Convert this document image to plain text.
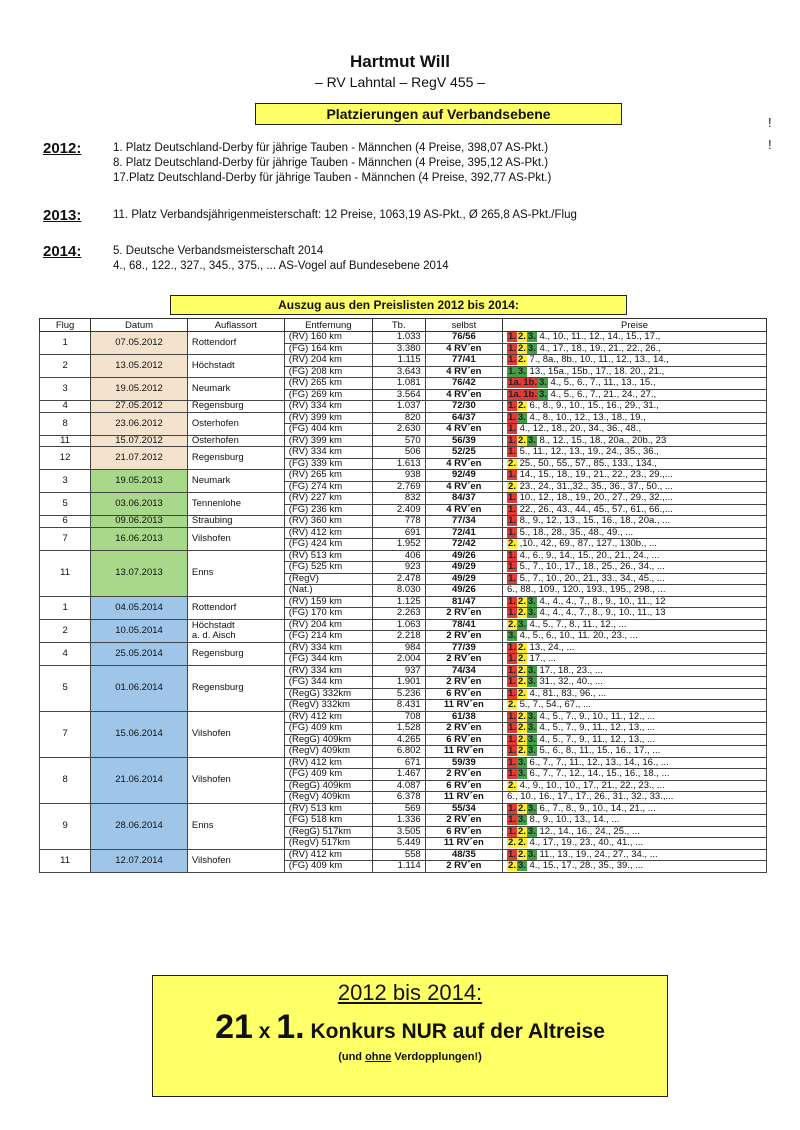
Hartmut Will
– RV Lahntal – RegV 455 –
Platzierungen auf Verbandsebene
ǃ
ǃ
2012:	1. Platz Deutschland-Derby für jährige Tauben - Männchen (4 Preise, 398,07 AS-Pkt.)
8. Platz Deutschland-Derby für jährige Tauben - Männchen (4 Preise, 395,12 AS-Pkt.)
17.Platz Deutschland-Derby für jährige Tauben - Männchen (4 Preise, 392,77 AS-Pkt.)
2013:	11. Platz Verbandsjährigenmeisterschaft: 12 Preise, 1063,19 AS-Pkt., Ø 265,8 AS-Pkt./Flug
2014:	5. Deutsche Verbandsmeisterschaft 2014
4., 68., 122., 327., 345., 375., ... AS-Vogel auf Bundesebene 2014
Auszug aus den Preislisten 2012 bis 2014:
Flug	Datum	Auflassort	Entfernung	Tb.	selbst	Preise
1	07.05.2012	Rottendorf	(RV) 160 km	1.033	76/56	1. 2. 3. 4., 10., 11., 12., 14., 15., 17.,
			(FG) 164 km	3.380	4 RV´en	1. 2. 3. 4., 17., 18., 19., 21., 22., 26.,
2	13.05.2012	Höchstadt	(RV) 204 km	1.115	77/41	1. 2. 7., 8a., 8b., 10., 11., 12., 13., 14.,
			(FG) 208 km	3.643	4 RV´en	1. 3. 13., 15a., 15b., 17., 18. 20., 21.,
3	19.05.2012	Neumark	(RV) 265 km	1.081	76/42	1a. 1b. 3. 4., 5., 6., 7., 11., 13., 15.,
			(FG) 269 km	3.564	4 RV´en	1a. 1b. 3. 4., 5., 6., 7., 21., 24., 27.,
4	27.05.2012	Regensburg	(RV) 334 km	1.037	72/30	1. 2. 6., 8., 9., 10., 15., 16., 29., 31.,
8	23.06.2012	Osterhofen	(RV) 399 km	820	64/37	1. 3. 4., 8., 10., 12., 13., 18., 19.,
			(FG) 404 km	2.630	4 RV´en	1. 4., 12., 18., 20., 34., 36., 48.,
11	15.07.2012	Osterhofen	(RV) 399 km	570	56/39	1. 2. 3. 8., 12., 15., 18., 20a., 20b., 23
12	21.07.2012	Regensburg	(RV) 334 km	506	52/25	1. 5., 11., 12., 13., 19., 24., 35., 36.,
			(FG) 339 km	1.613	4 RV´en	2. 25., 50., 55., 57., 85., 133., 134.,
3	19.05.2013	Neumark	(RV) 265 km	938	92/49	1. 14., 15., 18., 19., 21., 22., 23., 29.,...
			(FG) 274 km	2.769	4 RV´en	2. 23., 24., 31.,32., 35., 36., 37., 50., ...
5	03.06.2013	Tennenlohe	(RV) 227 km	832	84/37	1. 10., 12., 18., 19., 20., 27., 29., 32.,...
			(FG) 236 km	2.409	4 RV´en	1. 22., 26., 43., 44., 45., 57., 61., 66.,...
6	09.06.2013	Straubing	(RV) 360 km	778	77/34	1. 8., 9., 12., 13., 15., 16., 18., 20a., ...
7	16.06.2013	Vilshofen	(RV) 412 km	691	72/41	1. 5., 18., 28., 35., 48., 49., ...
			(FG) 424 km	1.952	72/42	2. ,10., 42., 69., 87., 127., 130b., ...
11	13.07.2013	Enns	(RV) 513 km	406	49/26	1. 4., 6., 9., 14., 15., 20., 21., 24., ...
			(FG) 525 km	923	49/29	1. 5., 7., 10., 17., 18., 25., 26., 34., ...
			(RegV)	2.478	49/29	1. 5., 7., 10., 20., 21., 33., 34., 45., ...
			(Nat.)	8.030	49/26	6., 88., 109., 120., 193., 195., 298., ...
1	04.05.2014	Rottendorf	(RV) 159 km	1.125	81/47	1. 2. 3. 4., 4., 4., 7., 8., 9., 10., 11., 12
			(FG) 170 km	2.263	2 RV´en	1. 2. 3. 4., 4., 4., 7., 8., 9., 10., 11., 13
2	10.05.2014	Höchstadt
a. d. Aisch	(RV) 204 km	1.063	78/41	2. 3. 4., 5., 7., 8., 11., 12., ...
			(FG) 214 km	2.218	2 RV´en	3. 4., 5., 6., 10., 11. 20., 23., ...
4	25.05.2014	Regensburg	(RV) 334 km	984	77/39	1. 2. 13., 24., ...
			(FG) 344 km	2.004	2 RV´en	1. 2. 17., ...
5	01.06.2014	Regensburg	(RV) 334 km	937	74/34	1. 2. 3. 17., 18., 23., ...
			(FG) 344 km	1.901	2 RV´en	1. 2. 3. 31., 32., 40., ...
			(RegG) 332km	5.236	6 RV´en	1. 2. 4., 81., 83., 96., ...
			(RegV) 332km	8.431	11 RV´en	2. 5., 7., 54., 67., ...
7	15.06.2014	Vilshofen	(RV) 412 km	708	61/38	1. 2. 3. 4., 5., 7., 9., 10., 11., 12., ...
			(FG) 409 km	1.528	2 RV´en	1. 2. 3. 4., 5., 7., 9., 11., 12., 13., ...
			(RegG) 409km	4.265	6 RV´en	1. 2. 3. 4., 5., 7., 9., 11., 12., 13., ...
			(RegV) 409km	6.802	11 RV´en	1. 2. 3. 5., 6., 8., 11., 15., 16., 17., ...
8	21.06.2014	Vilshofen	(RV) 412 km	671	59/39	1. 3. 6., 7., 7., 11., 12., 13., 14., 16., ...
			(FG) 409 km	1.467	2 RV´en	1. 3. 6., 7., 7., 12., 14., 15., 16., 18., ...
			(RegG) 409km	4.087	6 RV´en	2. 4., 9., 10., 10., 17., 21., 22., 23., ...
			(RegV) 409km	6.378	11 RV´en	6., 10., 16., 17., 17., 26., 31., 32., 33.,...
9	28.06.2014	Enns	(RV) 513 km	569	55/34	1. 2. 3. 6., 7., 8., 9., 10., 14., 21., ...
			(FG) 518 km	1.336	2 RV´en	1. 3. 8., 9., 10., 13., 14., ...
			(RegG) 517km	3.505	6 RV´en	1. 2. 3. 12., 14., 16., 24., 25., ...
			(RegV) 517km	5.449	11 RV´en	2. 2. 4., 17., 19., 23., 40., 41., ...
11	12.07.2014	Vilshofen	(RV) 412 km	558	48/35	1. 2. 3. 11., 13., 19., 24., 27., 34., ...
			(FG) 409 km	1.114	2 RV´en	2. 3. 4., 15., 17., 28., 35., 39., ...
2012 bis 2014:
21 x 1. Konkurs NUR auf der Altreise
(und ohne Verdopplungen!)
